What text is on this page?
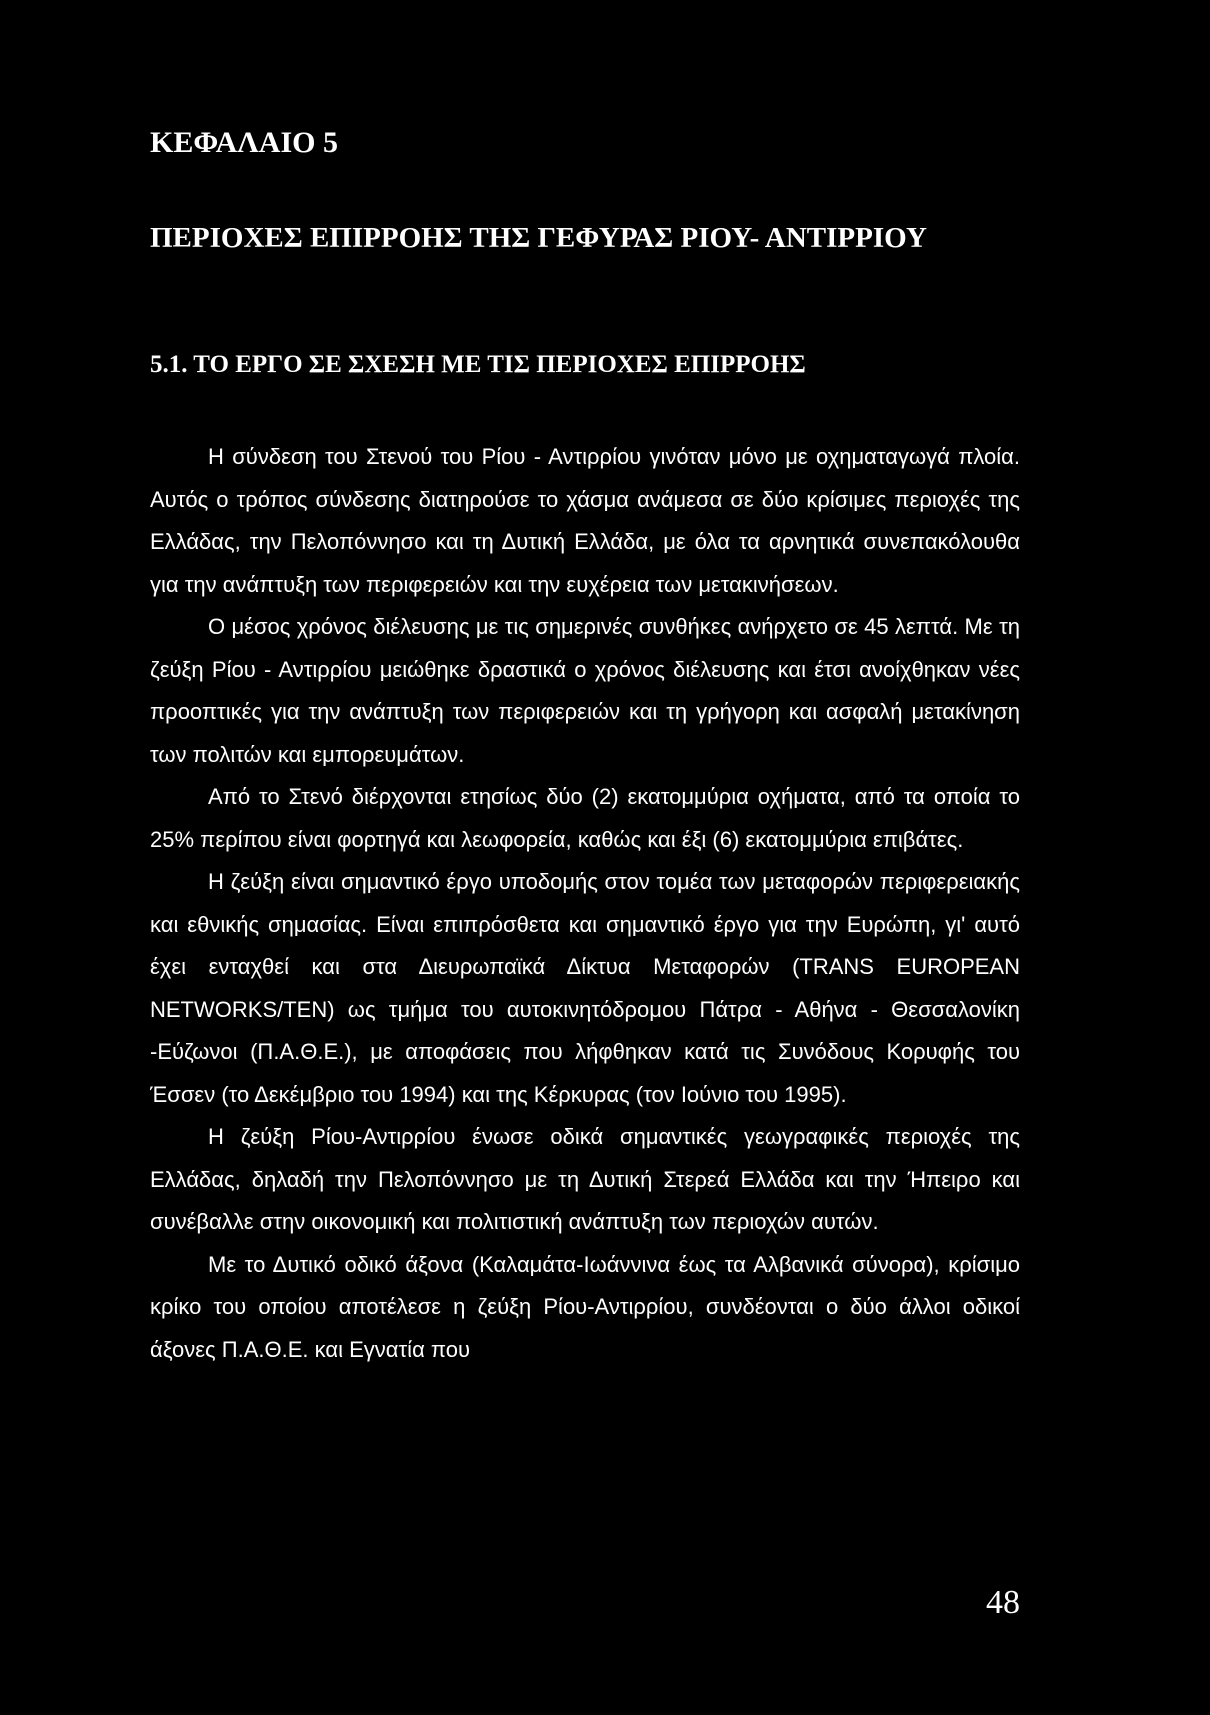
ΚΕΦΑΛΑΙΟ 5
ΠΕΡΙΟΧΕΣ ΕΠΙΡΡΟΗΣ ΤΗΣ ΓΕΦΥΡΑΣ ΡΙΟΥ- ΑΝΤΙΡΡΙΟΥ
5.1. ΤΟ ΕΡΓΟ ΣΕ ΣΧΕΣΗ ΜΕ ΤΙΣ ΠΕΡΙΟΧΕΣ ΕΠΙΡΡΟΗΣ

Η σύνδεση του Στενού του Ρίου - Αντιρρίου γινόταν μόνο με οχηματαγωγά πλοία. Αυτός ο τρόπος σύνδεσης διατηρούσε το χάσμα ανάμεσα σε δύο κρίσιμες περιοχές της Ελλάδας, την Πελοπόννησο και τη Δυτική Ελλάδα, με όλα τα αρνητικά συνεπακόλουθα για την ανάπτυξη των περιφερειών και την ευχέρεια των μετακινήσεων.

Ο μέσος χρόνος διέλευσης με τις σημερινές συνθήκες ανήρχετο σε 45 λεπτά. Με τη ζεύξη Ρίου - Αντιρρίου μειώθηκε δραστικά ο χρόνος διέλευσης και έτσι ανοίχθηκαν νέες προοπτικές για την ανάπτυξη των περιφερειών και τη γρήγορη και ασφαλή μετακίνηση των πολιτών και εμπορευμάτων.

Από το Στενό διέρχονται ετησίως δύο (2) εκατομμύρια οχήματα, από τα οποία το 25% περίπου είναι φορτηγά και λεωφορεία, καθώς και έξι (6) εκατομμύρια επιβάτες.

Η ζεύξη είναι σημαντικό έργο υποδομής στον τομέα των μεταφορών περιφερειακής και εθνικής σημασίας. Είναι επιπρόσθετα και σημαντικό έργο για την Ευρώπη, γι' αυτό έχει ενταχθεί και στα Διευρωπαϊκά Δίκτυα Μεταφορών (TRANS EUROPEAN NETWORKS/TEN) ως τμήμα του αυτοκινητόδρομου Πάτρα - Αθήνα - Θεσσαλονίκη -Εύζωνοι (Π.Α.Θ.Ε.), με αποφάσεις που λήφθηκαν κατά τις Συνόδους Κορυφής του Έσσεν (το Δεκέμβριο του 1994) και της Κέρκυρας (τον Ιούνιο του 1995).

Η ζεύξη Ρίου-Αντιρρίου ένωσε οδικά σημαντικές γεωγραφικές περιοχές της Ελλάδας, δηλαδή την Πελοπόννησο με τη Δυτική Στερεά Ελλάδα και την Ήπειρο και συνέβαλλε στην οικονομική και πολιτιστική ανάπτυξη των περιοχών αυτών.

Με το Δυτικό οδικό άξονα (Καλαμάτα-Ιωάννινα έως τα Αλβανικά σύνορα), κρίσιμο κρίκο του οποίου αποτέλεσε η ζεύξη Ρίου-Αντιρρίου, συνδέονται ο δύο άλλοι οδικοί άξονες Π.Α.Θ.Ε. και Εγνατία που

48
